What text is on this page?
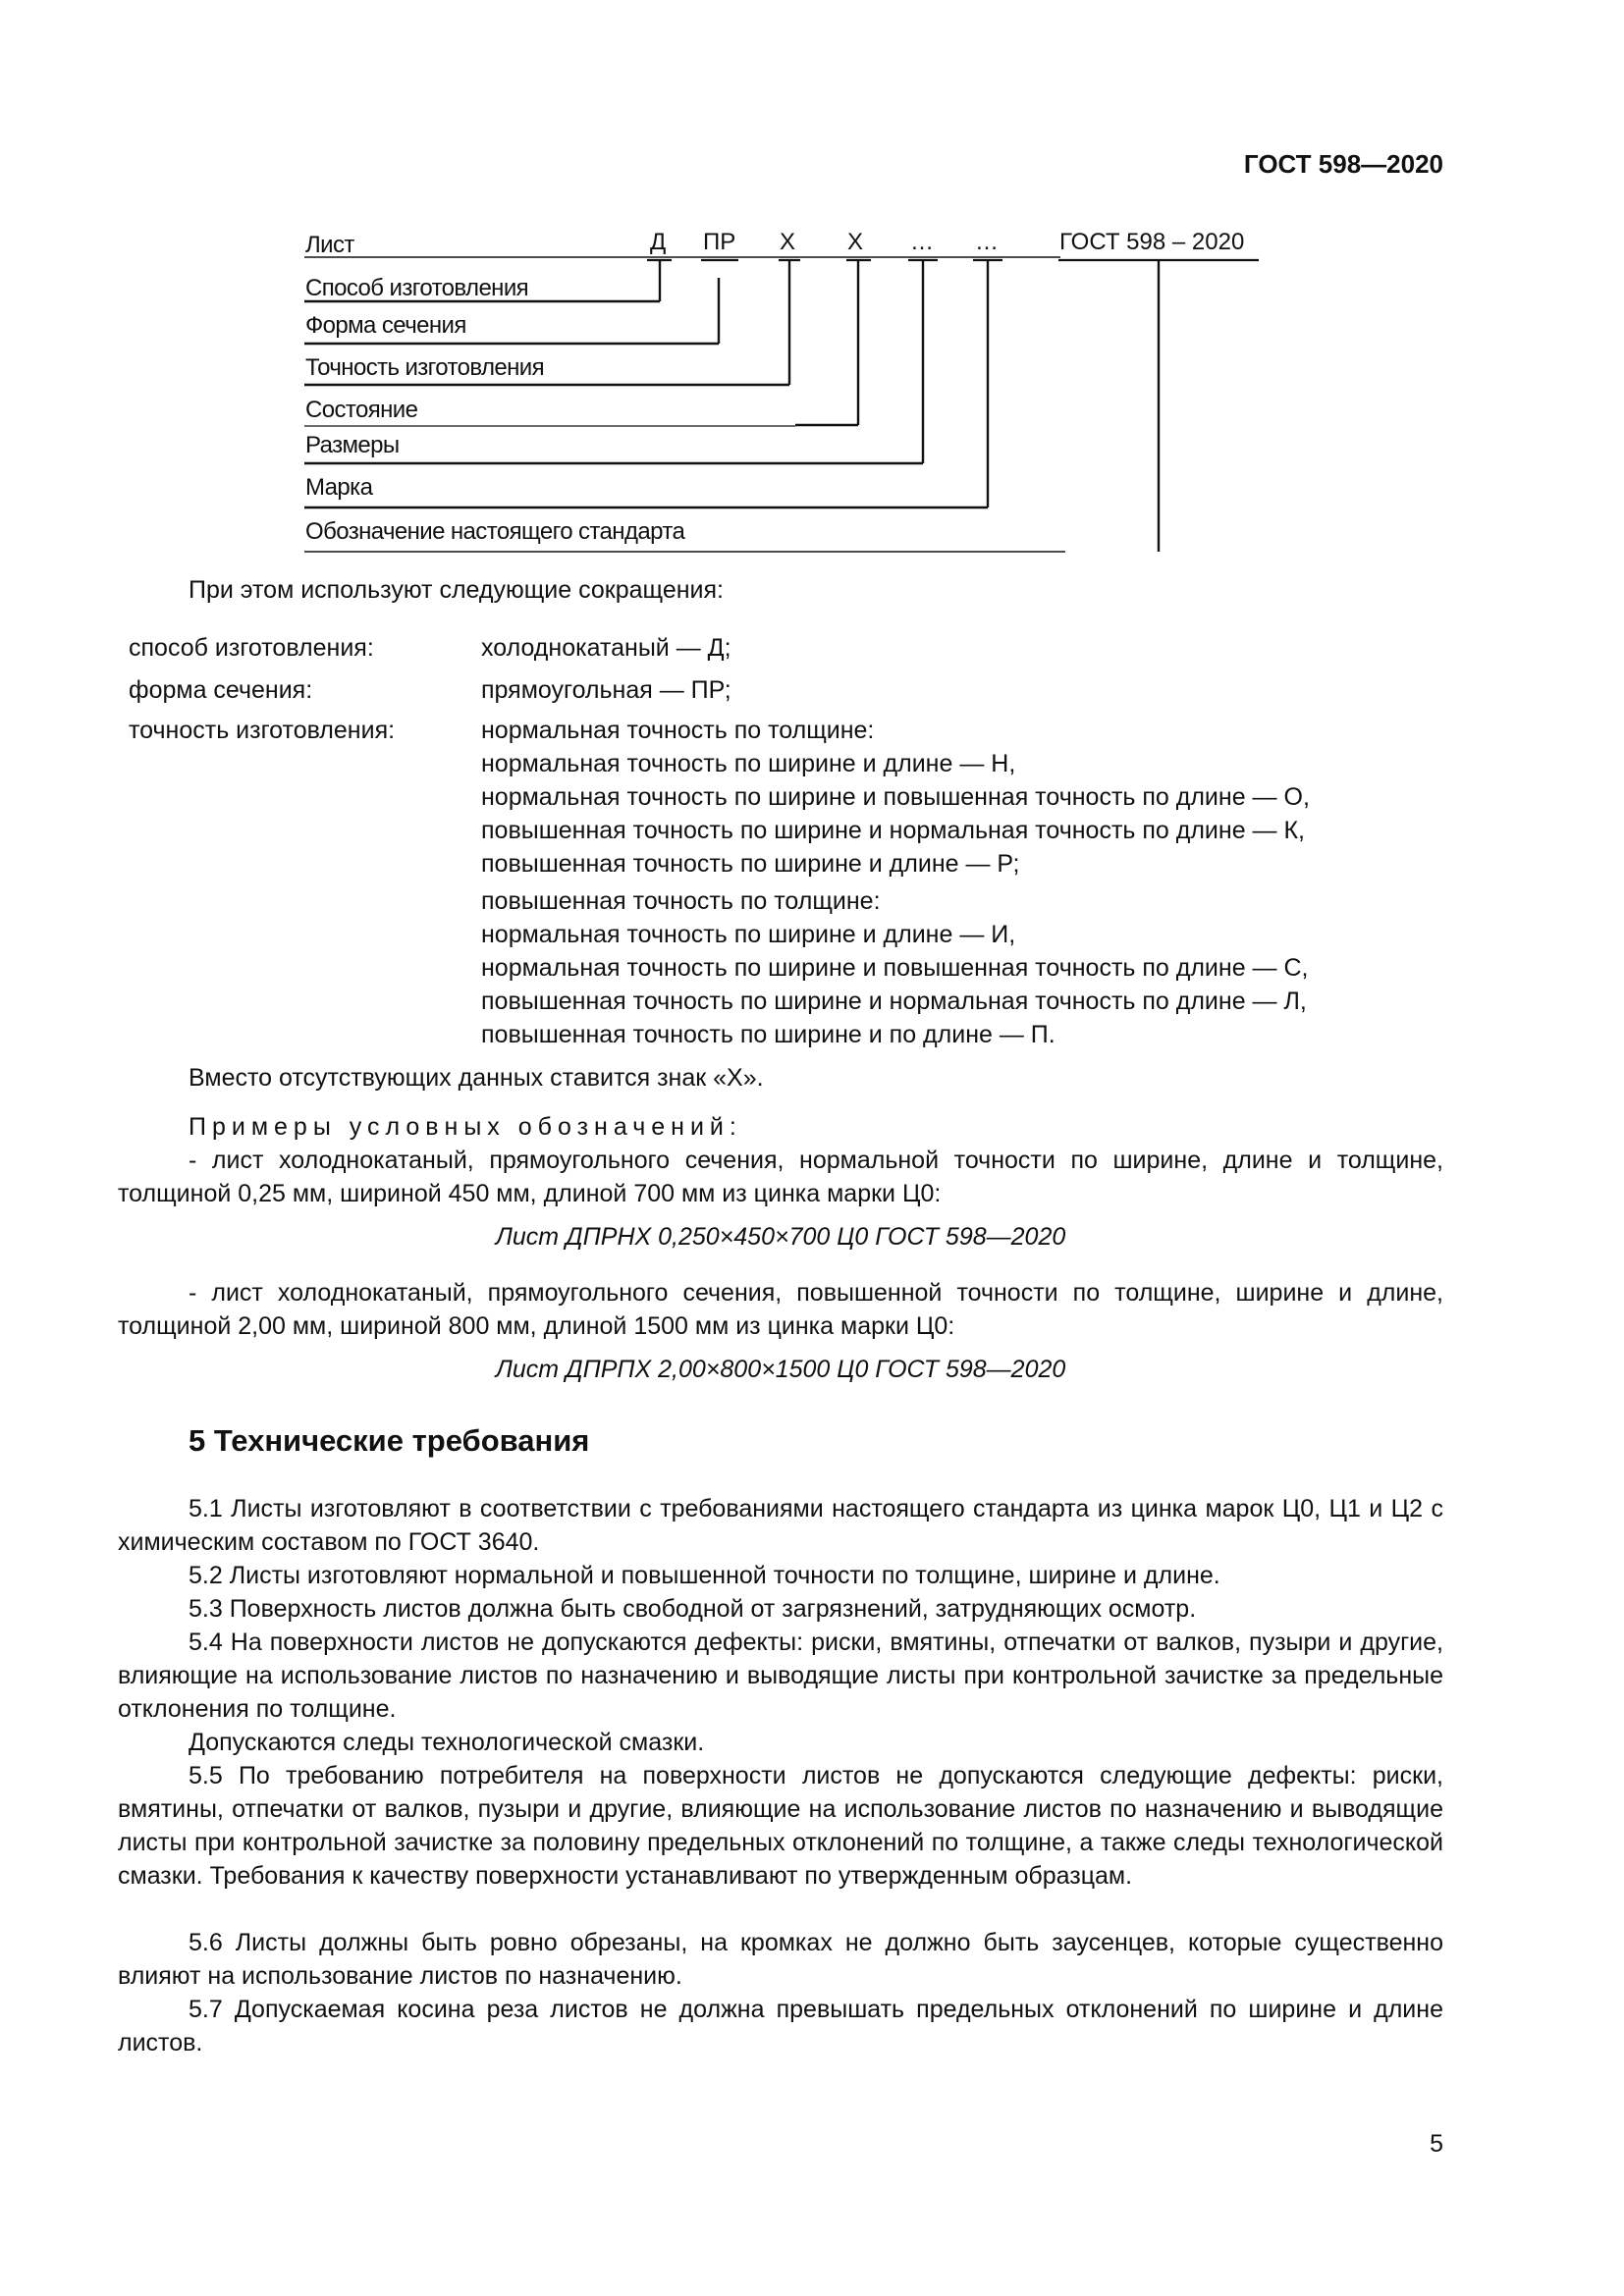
ГОСТ 598—2020
Лист
Способ изготовления
Форма сечения
Точность изготовления
Состояние
Размеры
Марка
Обозначение настоящего стандарта
Д ПР Х Х … …	ГОСТ 598 – 2020
При этом используют следующие сокращения:
способ изготовления:	холоднокатаный — Д;
форма сечения:	прямоугольная — ПР;
точность изготовления:	нормальная точность по толщине:
нормальная точность по ширине и длине — Н,
нормальная точность по ширине и повышенная точность по длине — О,
повышенная точность по ширине и нормальная точность по длине — К,
повышенная точность по ширине и длине — Р;
повышенная точность по толщине:
нормальная точность по ширине и длине — И,
нормальная точность по ширине и повышенная точность по длине — С,
повышенная точность по ширине и нормальная точность по длине — Л,
повышенная точность по ширине и по длине — П.
Вместо отсутствующих данных ставится знак «Х».
Примеры условных обозначений:
- лист холоднокатаный, прямоугольного сечения, нормальной точности по ширине, длине и толщине, толщиной 0,25 мм, шириной 450 мм, длиной 700 мм из цинка марки Ц0:
Лист ДПРНХ 0,250×450×700 Ц0 ГОСТ 598—2020
- лист холоднокатаный, прямоугольного сечения, повышенной точности по толщине, ширине и длине, толщиной 2,00 мм, шириной 800 мм, длиной 1500 мм из цинка марки Ц0:
Лист ДПРПХ 2,00×800×1500 Ц0 ГОСТ 598—2020
5 Технические требования
5.1 Листы изготовляют в соответствии с требованиями настоящего стандарта из цинка марок Ц0, Ц1 и Ц2 с химическим составом по ГОСТ 3640.
5.2 Листы изготовляют нормальной и повышенной точности по толщине, ширине и длине.
5.3 Поверхность листов должна быть свободной от загрязнений, затрудняющих осмотр.
5.4 На поверхности листов не допускаются дефекты: риски, вмятины, отпечатки от валков, пузыри и другие, влияющие на использование листов по назначению и выводящие листы при контрольной зачистке за предельные отклонения по толщине.
Допускаются следы технологической смазки.
5.5 По требованию потребителя на поверхности листов не допускаются следующие дефекты: риски, вмятины, отпечатки от валков, пузыри и другие, влияющие на использование листов по назначению и выводящие листы при контрольной зачистке за половину предельных отклонений по толщине, а также следы технологической смазки. Требования к качеству поверхности устанавливают по утвержденным образцам.
5.6 Листы должны быть ровно обрезаны, на кромках не должно быть заусенцев, которые существенно влияют на использование листов по назначению.
5.7 Допускаемая косина реза листов не должна превышать предельных отклонений по ширине и длине листов.
5
